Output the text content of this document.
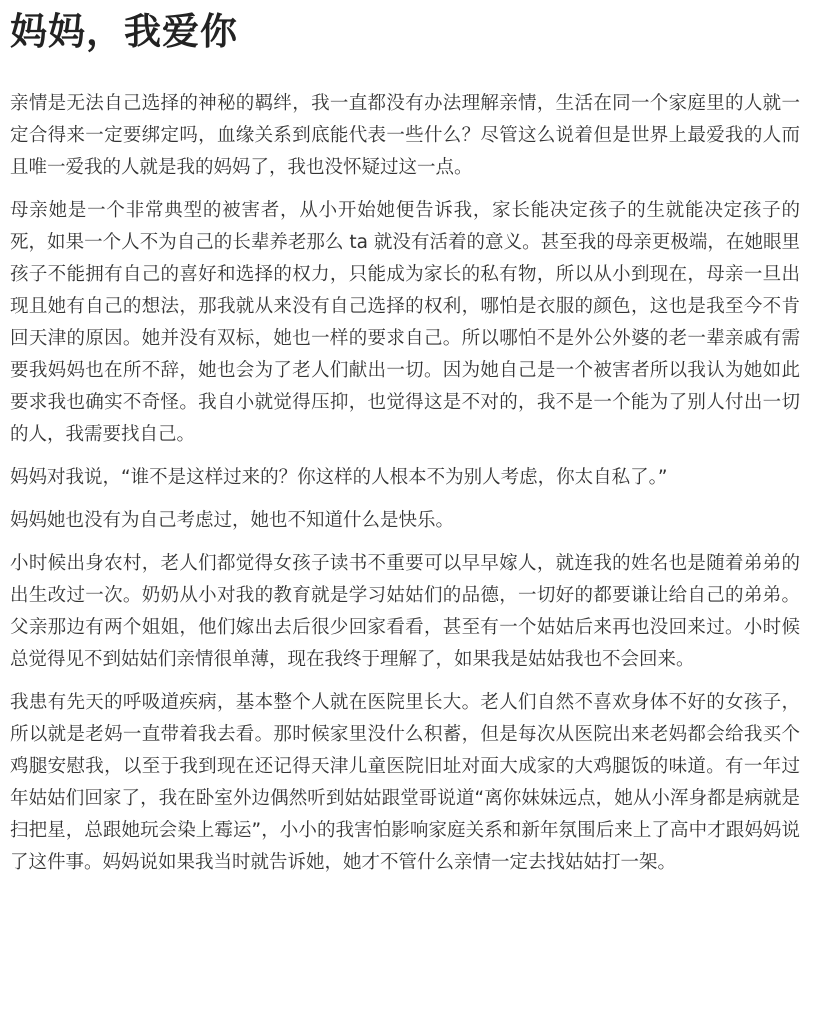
妈妈，我爱你

亲情是无法自己选择的神秘的羁绊，我一直都没有办法理解亲情，生活在同一个家庭里的人就一定合得来一定要绑定吗，血缘关系到底能代表一些什么？尽管这么说着但是世界上最爱我的人而且唯一爱我的人就是我的妈妈了，我也没怀疑过这一点。

母亲她是一个非常典型的被害者，从小开始她便告诉我，家长能决定孩子的生就能决定孩子的死，如果一个人不为自己的长辈养老那么 ta 就没有活着的意义。甚至我的母亲更极端，在她眼里孩子不能拥有自己的喜好和选择的权力，只能成为家长的私有物，所以从小到现在，母亲一旦出现且她有自己的想法，那我就从来没有自己选择的权利，哪怕是衣服的颜色，这也是我至今不肯回天津的原因。她并没有双标，她也一样的要求自己。所以哪怕不是外公外婆的老一辈亲戚有需要我妈妈也在所不辞，她也会为了老人们献出一切。因为她自己是一个被害者所以我认为她如此要求我也确实不奇怪。我自小就觉得压抑，也觉得这是不对的，我不是一个能为了别人付出一切的人，我需要找自己。

妈妈对我说，“谁不是这样过来的？你这样的人根本不为别人考虑，你太自私了。”

妈妈她也没有为自己考虑过，她也不知道什么是快乐。

小时候出身农村，老人们都觉得女孩子读书不重要可以早早嫁人，就连我的姓名也是随着弟弟的出生改过一次。奶奶从小对我的教育就是学习姑姑们的品德，一切好的都要谦让给自己的弟弟。父亲那边有两个姐姐，他们嫁出去后很少回家看看，甚至有一个姑姑后来再也没回来过。小时候总觉得见不到姑姑们亲情很单薄，现在我终于理解了，如果我是姑姑我也不会回来。

我患有先天的呼吸道疾病，基本整个人就在医院里长大。老人们自然不喜欢身体不好的女孩子，所以就是老妈一直带着我去看。那时候家里没什么积蓄，但是每次从医院出来老妈都会给我买个鸡腿安慰我，以至于我到现在还记得天津儿童医院旧址对面大成家的大鸡腿饭的味道。有一年过年姑姑们回家了，我在卧室外边偶然听到姑姑跟堂哥说道“离你妹妹远点，她从小浑身都是病就是扫把星，总跟她玩会染上霉运”，小小的我害怕影响家庭关系和新年氛围后来上了高中才跟妈妈说了这件事。妈妈说如果我当时就告诉她，她才不管什么亲情一定去找姑姑打一架。
